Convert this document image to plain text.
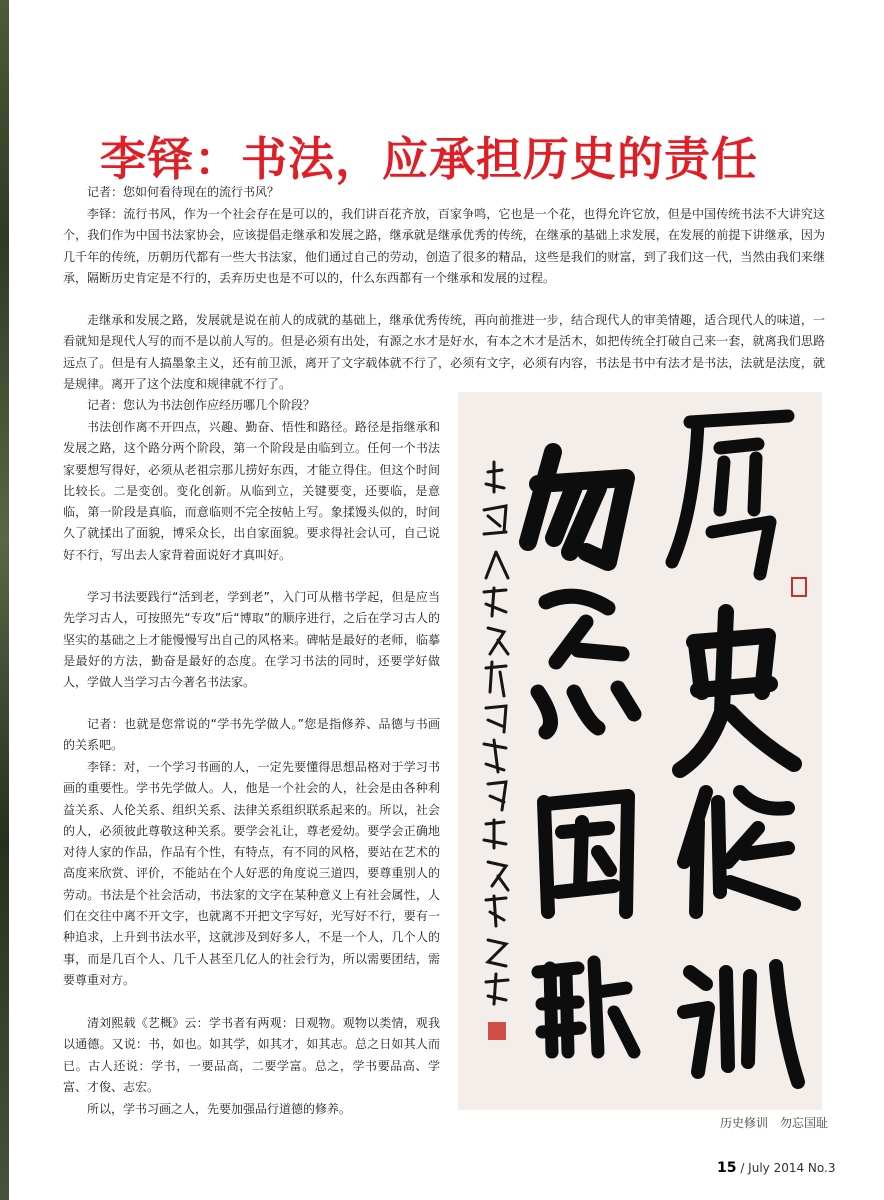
李铎：书法，应承担历史的责任

记者：您如何看待现在的流行书风？

李铎：流行书风，作为一个社会存在是可以的，我们讲百花齐放，百家争鸣，它也是一个花，也得允许它放，但是中国传统书法不大讲究这个，我们作为中国书法家协会，应该提倡走继承和发展之路，继承就是继承优秀的传统，在继承的基础上求发展，在发展的前提下讲继承，因为几千年的传统，历朝历代都有一些大书法家，他们通过自己的劳动，创造了很多的精品，这些是我们的财富，到了我们这一代，当然由我们来继承，隔断历史肯定是不行的，丢弃历史也是不可以的，什么东西都有一个继承和发展的过程。

走继承和发展之路，发展就是说在前人的成就的基础上，继承优秀传统，再向前推进一步，结合现代人的审美情趣，适合现代人的味道，一看就知是现代人写的而不是以前人写的。但是必须有出处，有源之水才是好水，有本之木才是活木，如把传统全打破自己来一套，就离我们思路远点了。但是有人搞墨象主义，还有前卫派，离开了文字载体就不行了，必须有文字，必须有内容，书法是书中有法才是书法，法就是法度，就是规律。离开了这个法度和规律就不行了。

记者：您认为书法创作应经历哪几个阶段？

书法创作离不开四点，兴趣、勤奋、悟性和路径。路径是指继承和发展之路，这个路分两个阶段，第一个阶段是由临到立。任何一个书法家要想写得好，必须从老祖宗那儿捞好东西，才能立得住。但这个时间比较长。二是变创。变化创新。从临到立，关键要变，还要临，是意临，第一阶段是真临，而意临则不完全按帖上写。象揉馒头似的，时间久了就揉出了面貌，博采众长，出自家面貌。要求得社会认可，自己说好不行，写出去人家背着面说好才真叫好。

学习书法要践行“活到老，学到老”，入门可从楷书学起，但是应当先学习古人，可按照先“专攻”后“博取”的顺序进行，之后在学习古人的坚实的基础之上才能慢慢写出自己的风格来。碑帖是最好的老师，临摹是最好的方法，勤奋是最好的态度。在学习书法的同时，还要学好做人，学做人当学习古今著名书法家。

记者：也就是您常说的“学书先学做人。”您是指修养、品德与书画的关系吧。

李铎：对，一个学习书画的人，一定先要懂得思想品格对于学习书画的重要性。学书先学做人。人，他是一个社会的人，社会是由各种利益关系、人伦关系、组织关系、法律关系组织联系起来的。所以，社会的人，必须彼此尊敬这种关系。要学会礼让，尊老爱幼。要学会正确地对待人家的作品，作品有个性，有特点，有不同的风格，要站在艺术的高度来欣赏、评价，不能站在个人好恶的角度说三道四，要尊重别人的劳动。书法是个社会活动，书法家的文字在某种意义上有社会属性，人们在交往中离不开文字，也就离不开把文字写好，光写好不行，要有一种追求，上升到书法水平，这就涉及到好多人，不是一个人，几个人的事，而是几百个人、几千人甚至几亿人的社会行为，所以需要团结，需要尊重对方。

清刘熙载《艺概》云：学书者有两观：日观物。观物以类情，观我以通德。又说：书，如也。如其学，如其才，如其志。总之日如其人而已。古人还说：学书，一要品高，二要学富。总之，学书要品高、学富、才俊、志宏。

所以，学书习画之人，先要加强品行道德的修养。

历史修训　勿忘国耻
15 / July 2014 No.3
